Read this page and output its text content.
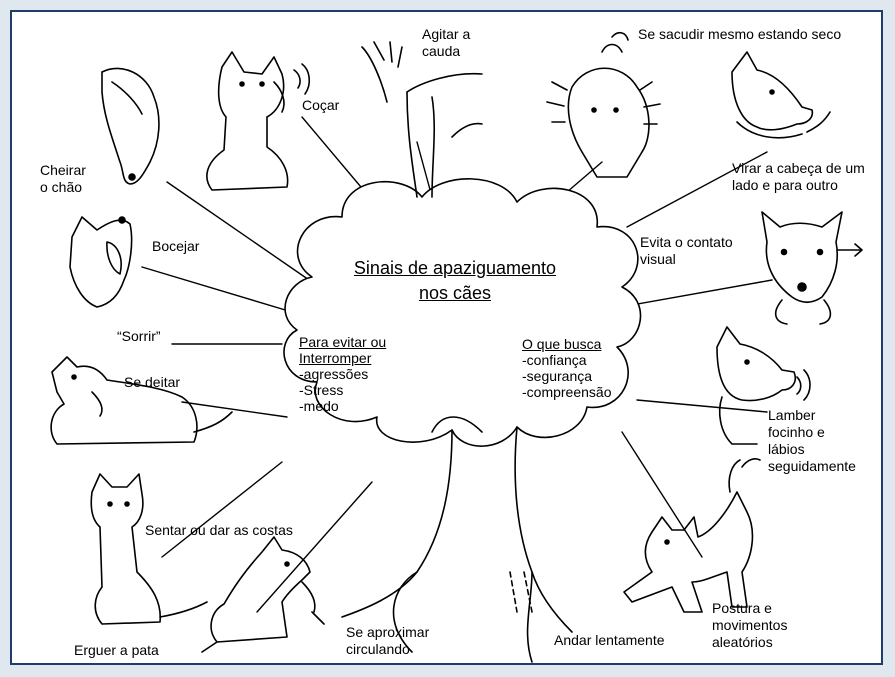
Sinais de apaziguamento
nos cães
Para evitar ou
Interromper
-agressões
-Stress
-medo
O que busca
-confiança
-segurança
-compreensão
Cheirar
o chão
Coçar
Agitar a
cauda
Se sacudir mesmo estando seco
Virar a cabeça de um
lado e para outro
Evita o contato
visual
Bocejar
“Sorrir”
Se deitar
Lamber
focinho e
lábios
seguidamente
Sentar ou dar as costas
Postura e
movimentos
aleatórios
Erguer a pata
Se aproximar
circulando
Andar lentamente
